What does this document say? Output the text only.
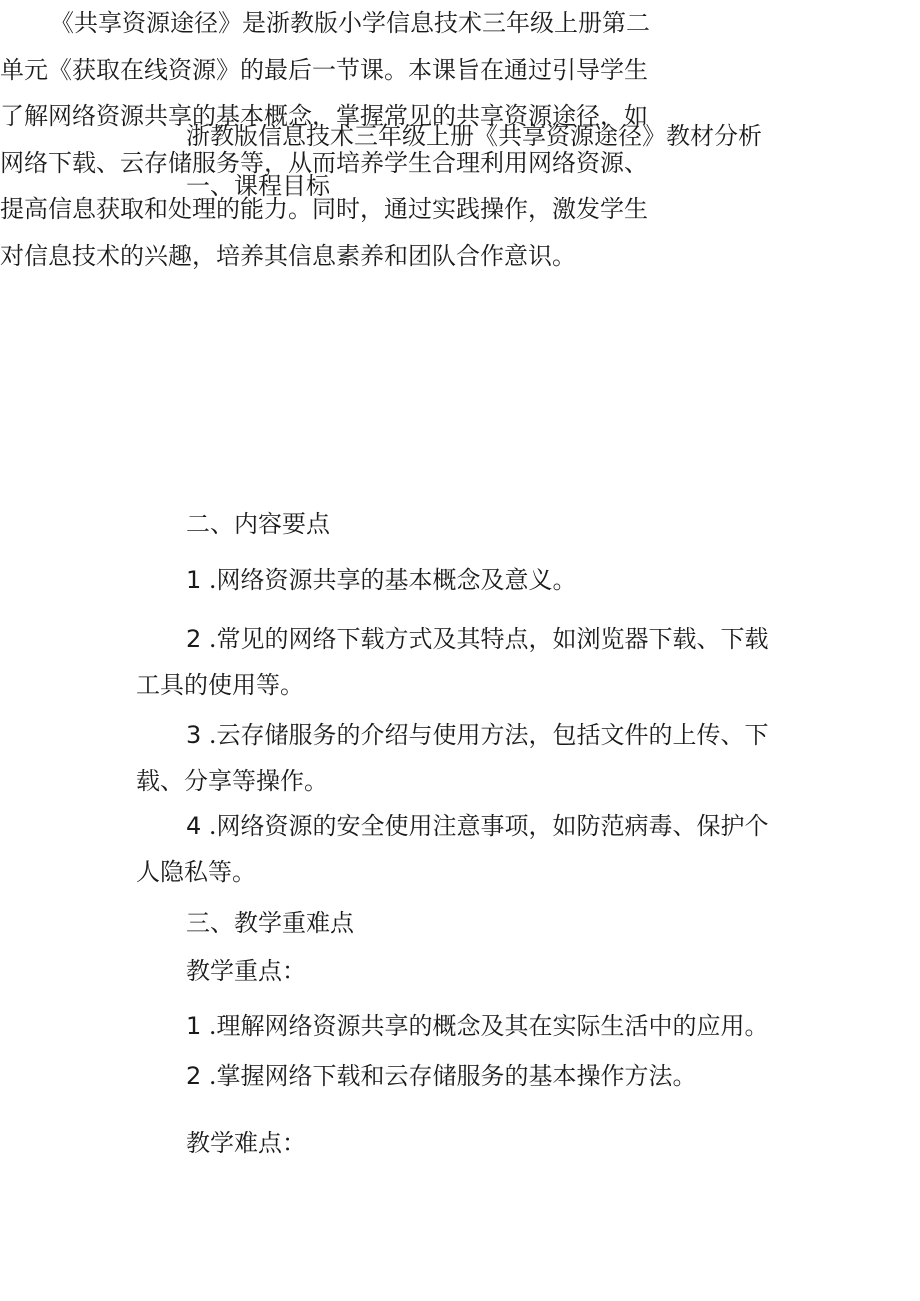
浙教版信息技术三年级上册《共享资源途径》教材分析

一、课程目标

《共享资源途径》是浙教版小学信息技术三年级上册第二单元《获取在线资源》的最后一节课。本课旨在通过引导学生了解网络资源共享的基本概念，掌握常见的共享资源途径，如网络下载、云存储服务等，从而培养学生合理利用网络资源、提高信息获取和处理的能力。同时，通过实践操作，激发学生对信息技术的兴趣，培养其信息素养和团队合作意识。

二、内容要点

1 .网络资源共享的基本概念及意义。

2 .常见的网络下载方式及其特点，如浏览器下载、下载工具的使用等。

3 .云存储服务的介绍与使用方法，包括文件的上传、下载、分享等操作。

4 .网络资源的安全使用注意事项，如防范病毒、保护个人隐私等。

三、教学重难点

教学重点：

1 .理解网络资源共享的概念及其在实际生活中的应用。

2 .掌握网络下载和云存储服务的基本操作方法。

教学难点：
